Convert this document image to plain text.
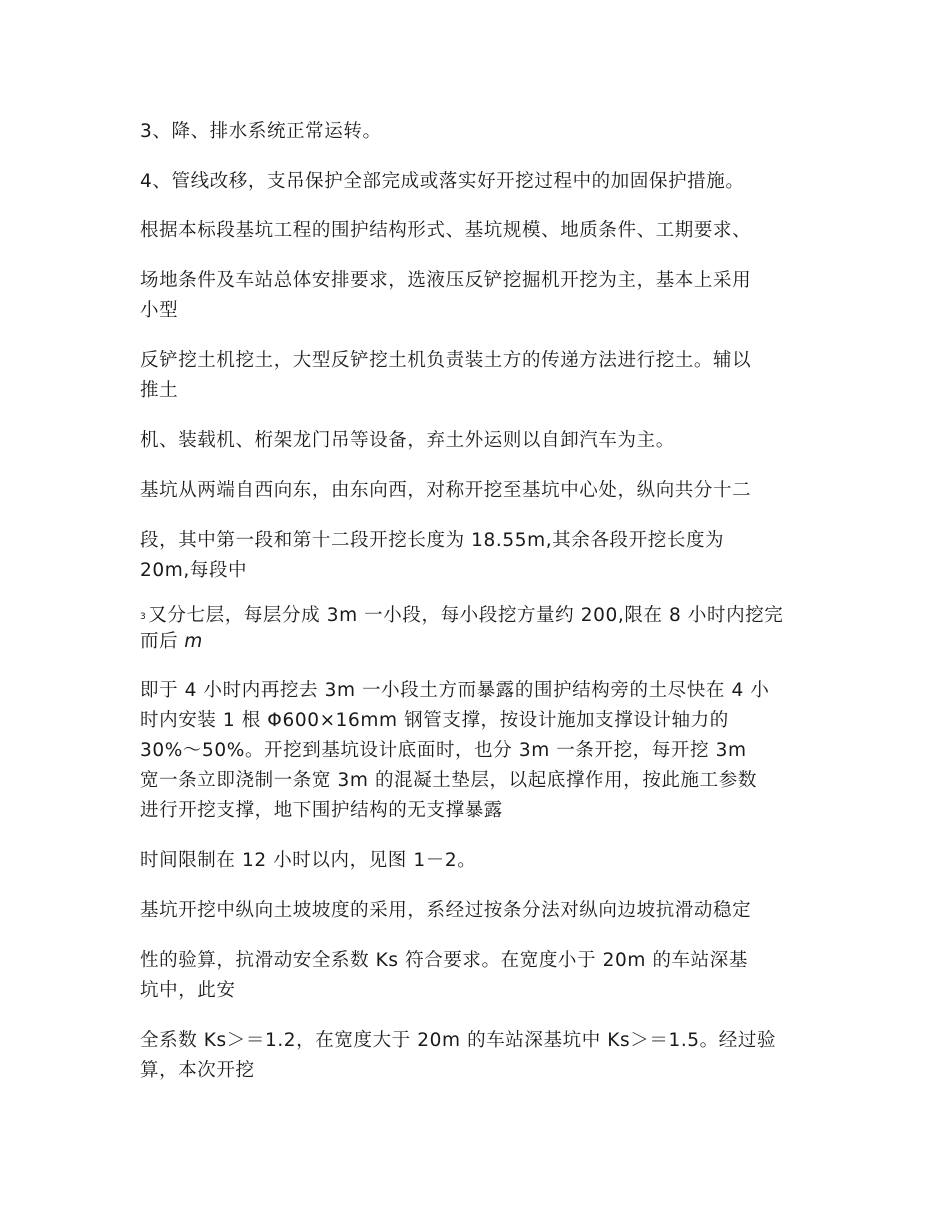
3、降、排水系统正常运转。
4、管线改移，支吊保护全部完成或落实好开挖过程中的加固保护措施。
根据本标段基坑工程的围护结构形式、基坑规模、地质条件、工期要求、
场地条件及车站总体安排要求，选液压反铲挖掘机开挖为主，基本上采用
小型
反铲挖土机挖土，大型反铲挖土机负责装土方的传递方法进行挖土。辅以
推土
机、装载机、桁架龙门吊等设备，弃土外运则以自卸汽车为主。
基坑从两端自西向东，由东向西，对称开挖至基坑中心处，纵向共分十二
段，其中第一段和第十二段开挖长度为 18.55m,其余各段开挖长度为
20m,每段中
3 又分七层，每层分成 3m 一小段，每小段挖方量约 200,限在 8 小时内挖完
而后 m
即于 4 小时内再挖去 3m 一小段土方而暴露的围护结构旁的土尽快在 4 小
时内安装 1 根 Φ600×16mm 钢管支撑，按设计施加支撑设计轴力的
30%～50%。开挖到基坑设计底面时，也分 3m 一条开挖，每开挖 3m
宽一条立即浇制一条宽 3m 的混凝土垫层，以起底撑作用，按此施工参数
进行开挖支撑，地下围护结构的无支撑暴露
时间限制在 12 小时以内，见图 1－2。
基坑开挖中纵向土坡坡度的采用，系经过按条分法对纵向边坡抗滑动稳定
性的验算，抗滑动安全系数 Ks 符合要求。在宽度小于 20m 的车站深基
坑中，此安
全系数 Ks＞＝1.2，在宽度大于 20m 的车站深基坑中 Ks＞＝1.5。经过验
算，本次开挖
